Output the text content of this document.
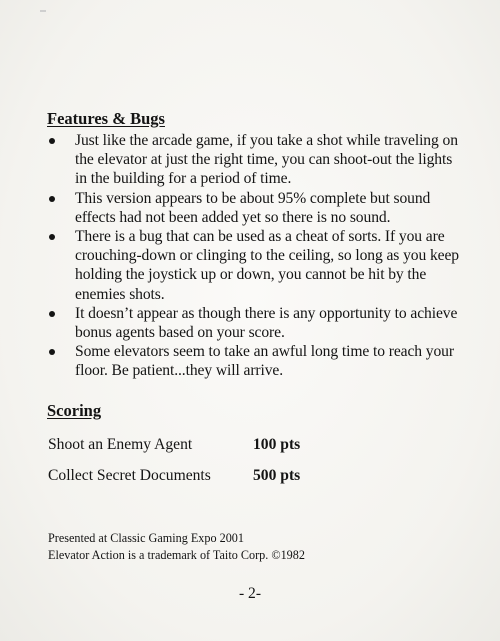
Features & Bugs
Just like the arcade game, if you take a shot while traveling on the elevator at just the right time, you can shoot-out the lights in the building for a period of time.
This version appears to be about 95% complete but sound effects had not been added yet so there is no sound.
There is a bug that can be used as a cheat of sorts. If you are crouching-down or clinging to the ceiling, so long as you keep holding the joystick up or down, you cannot be hit by the enemies shots.
It doesn’t appear as though there is any opportunity to achieve bonus agents based on your score.
Some elevators seem to take an awful long time to reach your floor. Be patient...they will arrive.
Scoring
Shoot an Enemy Agent	100 pts
Collect Secret Documents	500 pts
Presented at Classic Gaming Expo 2001
Elevator Action is a trademark of Taito Corp. ©1982
- 2-
